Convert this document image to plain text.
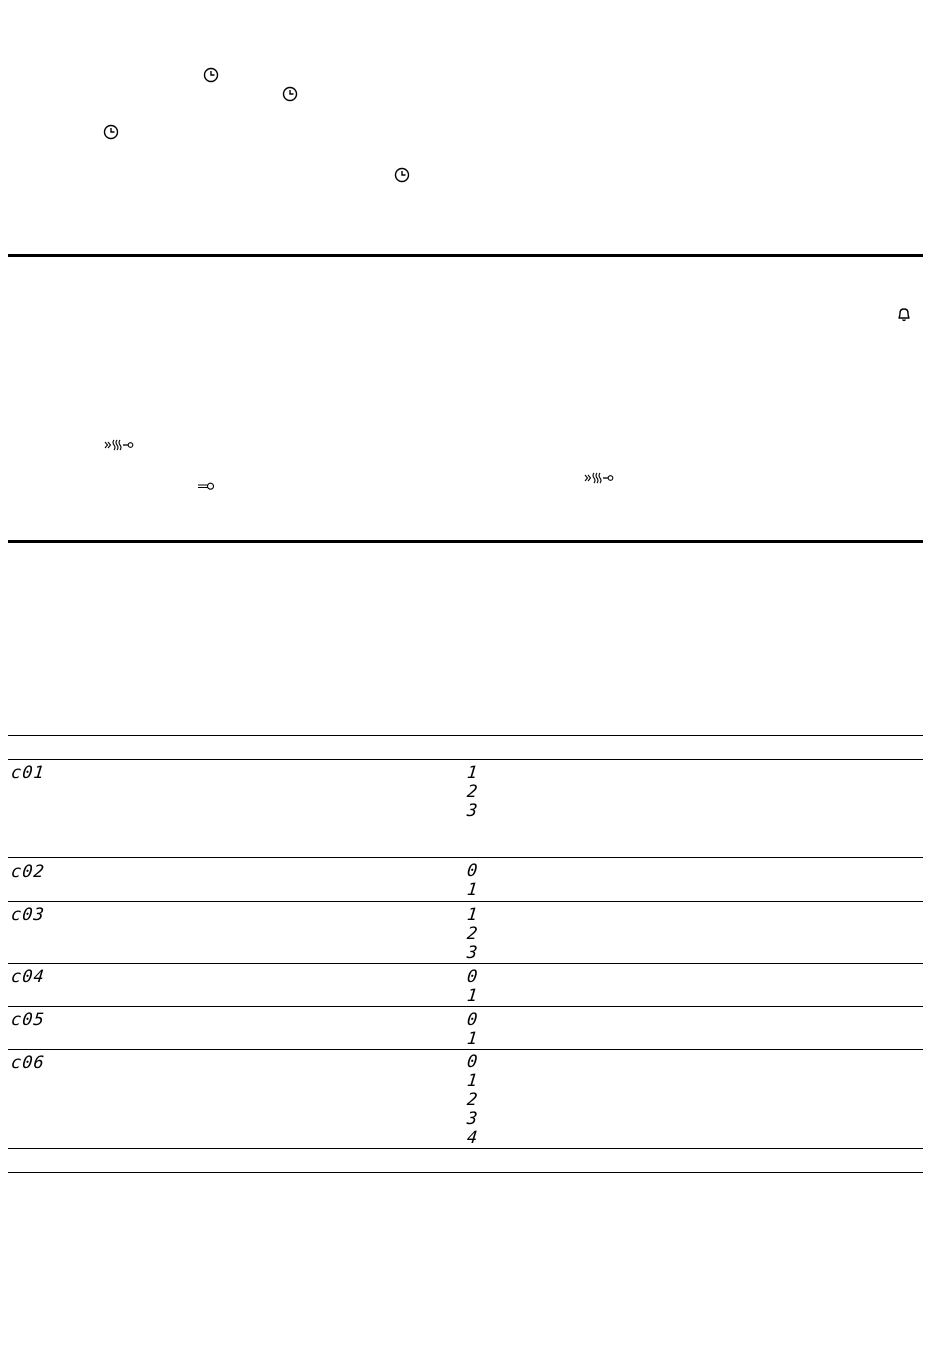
c01	1
2
3
c02	0
1
c03	1
2
3
c04	0
1
c05	0
1
c06	0
1
2
3
4
